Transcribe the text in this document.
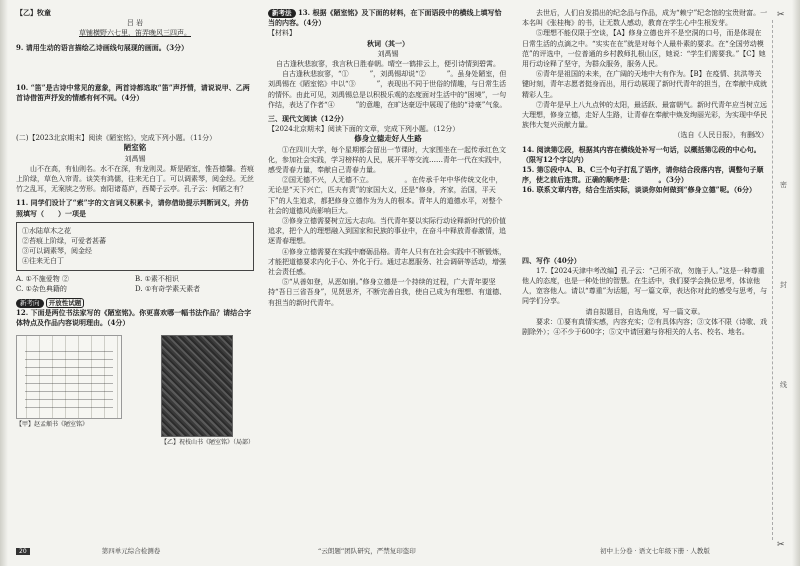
【乙】牧童

吕 岩

草铺横野六七里，笛弄晚风三四声。

9. 请用生动的语言描绘乙诗画线句展现的画面。（3分）

10. “笛”是古诗中常见的意象，两首诗都选取“笛”声抒情，请说说甲、乙两首诗借笛声抒发的情感有何不同。（4分）

(二)【2023北京期末】阅读《陋室铭》，完成下列小题。（11分）

陋室铭

刘禹锡

山不在高，有仙则名。水不在深，有龙则灵。斯是陋室，惟吾德馨。苔痕上阶绿，草色入帘青。谈笑有鸿儒，往来无白丁。可以调素琴，阅金经。无丝竹之乱耳，无案牍之劳形。南阳诸葛庐，西蜀子云亭。孔子云：何陋之有？

11. 同学们设计了“索”字的文言词义积累卡，请你借助提示判断词义，并仿照填写（　　）一项是

①水陆草木之花

②苔痕上阶绿，可爱者甚蕃

③可以调素琴，阅金经

④往来无白丁

A. ①不施爱物 ②	B. ①素不相识
C. ①杂色典籍的	D. ①有奇学素天素者

新考向 开放性试题

12. 下面是两位书法家写的《陋室铭》。你更喜欢哪一幅书法作品？请结合字体特点及作品内容说明理由。（4分）

【甲】赵孟頫书《陋室铭》

【乙】祝枝山书《陋室铭》（局部）

新考法 13. 根据《陋室铭》及下面的材料，在下面语段中的横线上填写恰当的内容。（4分）

【材料】

秋词（其一）

刘禹锡

自古逢秋悲寂寥，我言秋日胜春朝。晴空一鹤排云上，便引诗情到碧霄。

自古逢秋悲寂寥，“①　　　”，刘禹锡却说“②　　　”。虽身处陋室，但刘禹锡在《陋室铭》中以“③　　　”，表现出不同于世俗的情趣，与日常生活的情怀。由此可见，刘禹锡总是以积极乐观的态度面对生活中的“困境”，一句作结，表达了作者“④　　　”的意趣，在旷达豪迈中展现了他的“诗豪”气象。

三、现代文阅读（12分）

【2024北京期末】阅读下面的文章，完成下列小题。（12分）

修身立德走好人生路

①在四川大学，每个星期都会留出一节课时，大家围坐在一起传承红色文化，参加社会实践，学习榜样的人民，展开平等交流……青年一代在实践中，感受青春力量，奉献自己青春力量。

②国无德不兴，人无德不立。　　　　　。在传承千年中华传统文化中，无论是“天下兴亡，匹夫有责”的家国大义，还是“修身，齐家，治国，平天下”的人生追求，都把修身立德作为为人的根本。青年人的道德水平，对整个社会的道德风尚影响巨大。

③修身立德需要树立远大志向。当代青年要以实际行动诠释新时代的价值追求，把个人的理想融入到国家和民族的事业中，在奋斗中释放青春激情，追逐青春理想。

④修身立德需要在实践中磨砺品格。青年人只有在社会实践中不断锻炼，才能把道德要求内化于心、外化于行。通过志愿服务、社会调研等活动，增强社会责任感。

⑤“从善如登，从恶如崩。”修身立德是一个持续的过程，广大青年要坚持“吾日三省吾身”，见贤思齐，不断完善自我，使自己成为有理想、有道德、有担当的新时代青年。

去世后，人们自发捐出的纪念品与作品，成为“赖宁”纪念馆的宝贵财富。一本名叫《张桂梅》的书，让无数人感动，教育在学生心中生根发芽。

⑤理想不能仅限于空谈，【A】修身立德也并不是空洞的口号，而是体现在日常生活的点滴之中。“实实在在”就是对每个人最朴素的要求。在“全国劳动模范”的评选中，一位普通的乡村教师扎根山区，她说：“学生们需要我。”【C】她用行动诠释了坚守，为群众服务，服务人民。

⑥青年是祖国的未来，在广阔的天地中大有作为。【B】在疫情、抗洪等关键时刻，青年志愿者挺身而出，用行动展现了新时代青年的担当，在奉献中成就精彩人生。

⑦青年是早上八九点钟的太阳，最活跃、最富朝气。新时代青年应当树立远大理想，修身立德，走好人生路，让青春在奉献中焕发绚丽光彩，为实现中华民族伟大复兴贡献力量。

（选自《人民日报》，有删改）

14. 阅读第②段，根据其内容在横线处补写一句话，以概括第②段的中心句。（限写12个字以内）

15. 第⑤段中A、B、C三个句子打乱了语序，请你结合段落内容，调整句子顺序，使之前后连贯。正确的顺序是：　　　　。（3分）

16. 联系文章内容，结合生活实际，谈谈你如何做到“修身立德”呢。（6分）

四、写作（40分）

17.【2024天津中考改编】孔子云：“己所不欲，勿施于人。”这是一种尊重他人的态度，也是一种处世的智慧。在生活中，我们要学会换位思考，体谅他人，宽容他人。请以“尊重”为话题，写一篇文章，表达你对此的感受与思考，与同学们分享。

请自拟题目，自选角度，写一篇文章。

要求：①要有真情实感，内容充实；②有具体内容；③文体不限（诗歌、戏剧除外）；④不少于600字；⑤文中请回避与你相关的人名、校名、地名。

✂
✂
密
封
线
20	第四单元综合检测卷	“云朗题”团队研究，严禁复印盗印	初中上分卷 · 语文七年级下册 · 人教版
